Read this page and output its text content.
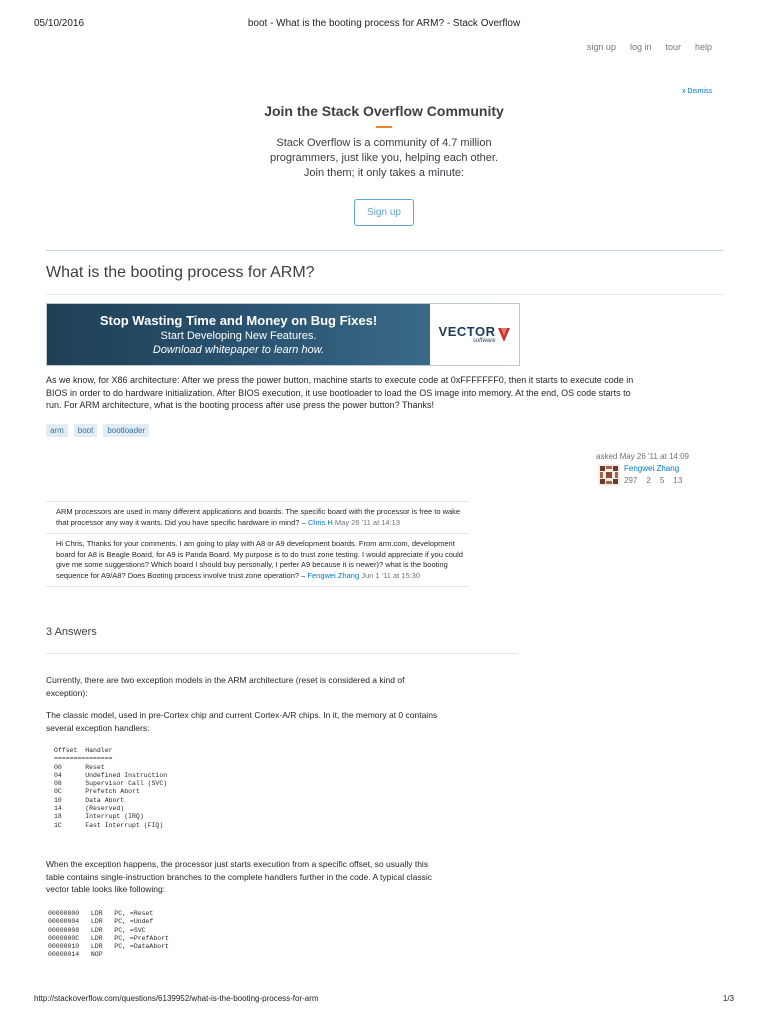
05/10/2016	boot - What is the booting process for ARM? - Stack Overflow
sign up log in tour help
x Dismiss
Join the Stack Overflow Community
Stack Overflow is a community of 4.7 million
programmers, just like you, helping each other.
Join them; it only takes a minute:
Sign up
What is the booting process for ARM?
Stop Wasting Time and Money on Bug Fixes!
Start Developing New Features.
Download whitepaper to learn how.
VECTOR
software
As we know, for X86 architecture: After we press the power button, machine starts to execute code at 0xFFFFFFF0, then it starts to execute code in BIOS in order to do hardware initialization. After BIOS execution, it use bootloader to load the OS image into memory. At the end, OS code starts to run. For ARM architecture, what is the booting process after use press the power button? Thanks!
arm	boot	bootloader
asked May 26 '11 at 14:09
Fengwei Zhang
297 2 5 13
ARM processors are used in many different applications and boards. The specific board with the processor is free to wake that processor any way it wants. Did you have specific hardware in mind? – Chris H May 26 '11 at 14:13
Hi Chris, Thanks for your comments. I am going to play with A8 or A9 development boards. From arm.com, development board for A8 is Beagle Board, for A9 is Panda Board. My purpose is to do trust zone testing. I would appreciate if you could give me some suggestions? Which board I should buy personally, I perfer A9 because it is newer)? what is the booting sequence for A9/A8? Does Booting process involve trust zone operation? – Fengwei Zhang Jun 1 '11 at 15:30
3 Answers
Currently, there are two exception models in the ARM architecture (reset is considered a kind of exception):
The classic model, used in pre-Cortex chip and current Cortex-A/R chips. In it, the memory at 0 contains several exception handlers:
Offset  Handler
===============
00      Reset
04      Undefined Instruction
08      Supervisor Call (SVC)
0C      Prefetch Abort
10      Data Abort
14      (Reserved)
18      Interrupt (IRQ)
1C      Fast Interrupt (FIQ)
When the exception happens, the processor just starts execution from a specific offset, so usually this table contains single-instruction branches to the complete handlers further in the code. A typical classic vector table looks like following:
00000000   LDR   PC, =Reset
00000004   LDR   PC, =Undef
00000008   LDR   PC, =SVC
0000000C   LDR   PC, =PrefAbort
00000010   LDR   PC, =DataAbort
00000014   NOP
http://stackoverflow.com/questions/6139952/what-is-the-booting-process-for-arm	1/3
